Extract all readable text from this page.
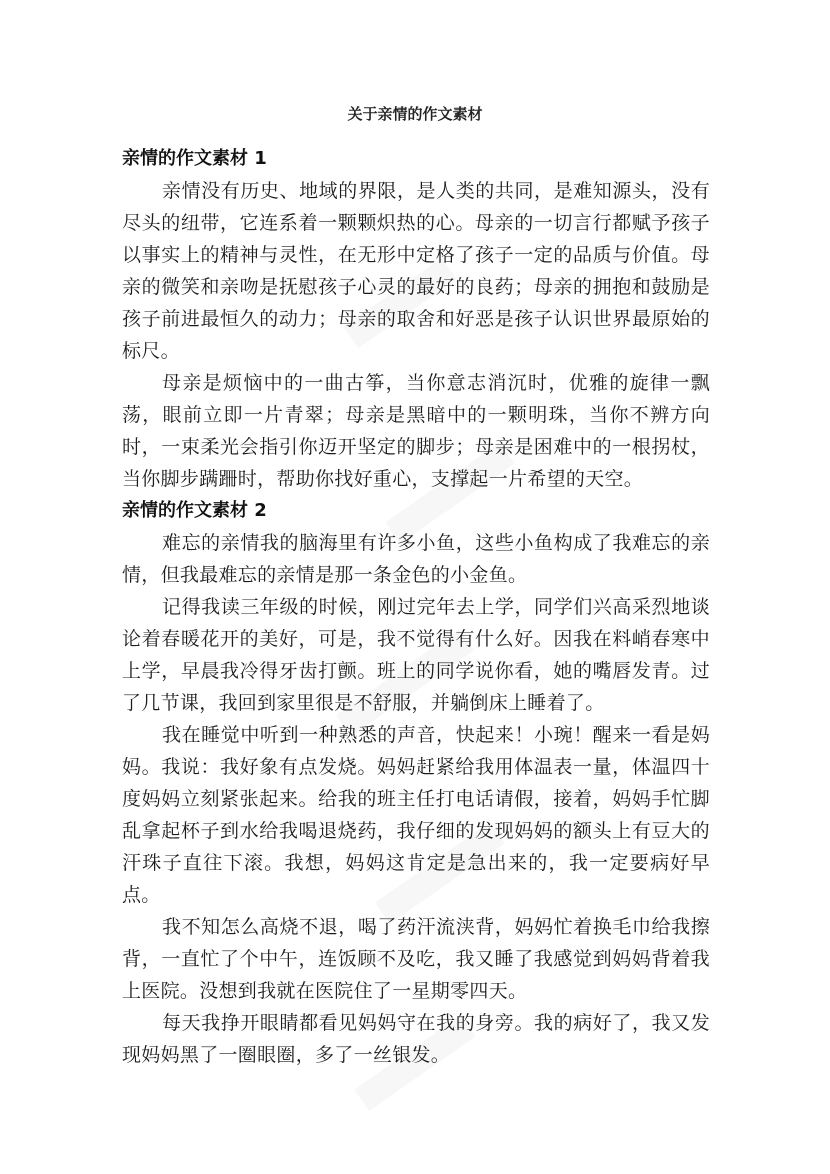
关于亲情的作文素材
亲情的作文素材 1

亲情没有历史、地域的界限，是人类的共同，是难知源头，没有尽头的纽带，它连系着一颗颗炽热的心。母亲的一切言行都赋予孩子以事实上的精神与灵性，在无形中定格了孩子一定的品质与价值。母亲的微笑和亲吻是抚慰孩子心灵的最好的良药；母亲的拥抱和鼓励是孩子前进最恒久的动力；母亲的取舍和好恶是孩子认识世界最原始的标尺。

母亲是烦恼中的一曲古筝，当你意志消沉时，优雅的旋律一飘荡，眼前立即一片青翠；母亲是黑暗中的一颗明珠，当你不辨方向时，一束柔光会指引你迈开坚定的脚步；母亲是困难中的一根拐杖，当你脚步蹒跚时，帮助你找好重心，支撑起一片希望的天空。

亲情的作文素材 2

难忘的亲情我的脑海里有许多小鱼，这些小鱼构成了我难忘的亲情，但我最难忘的亲情是那一条金色的小金鱼。

记得我读三年级的时候，刚过完年去上学，同学们兴高采烈地谈论着春暖花开的美好，可是，我不觉得有什么好。因我在料峭春寒中上学，早晨我冷得牙齿打颤。班上的同学说你看，她的嘴唇发青。过了几节课，我回到家里很是不舒服，并躺倒床上睡着了。

我在睡觉中听到一种熟悉的声音，快起来！小琬！醒来一看是妈妈。我说：我好象有点发烧。妈妈赶紧给我用体温表一量，体温四十度妈妈立刻紧张起来。给我的班主任打电话请假，接着，妈妈手忙脚乱拿起杯子到水给我喝退烧药，我仔细的发现妈妈的额头上有豆大的汗珠子直往下滚。我想，妈妈这肯定是急出来的，我一定要病好早点。

我不知怎么高烧不退，喝了药汗流浃背，妈妈忙着换毛巾给我擦背，一直忙了个中午，连饭顾不及吃，我又睡了我感觉到妈妈背着我上医院。没想到我就在医院住了一星期零四天。

每天我挣开眼睛都看见妈妈守在我的身旁。我的病好了，我又发现妈妈黑了一圈眼圈，多了一丝银发。
